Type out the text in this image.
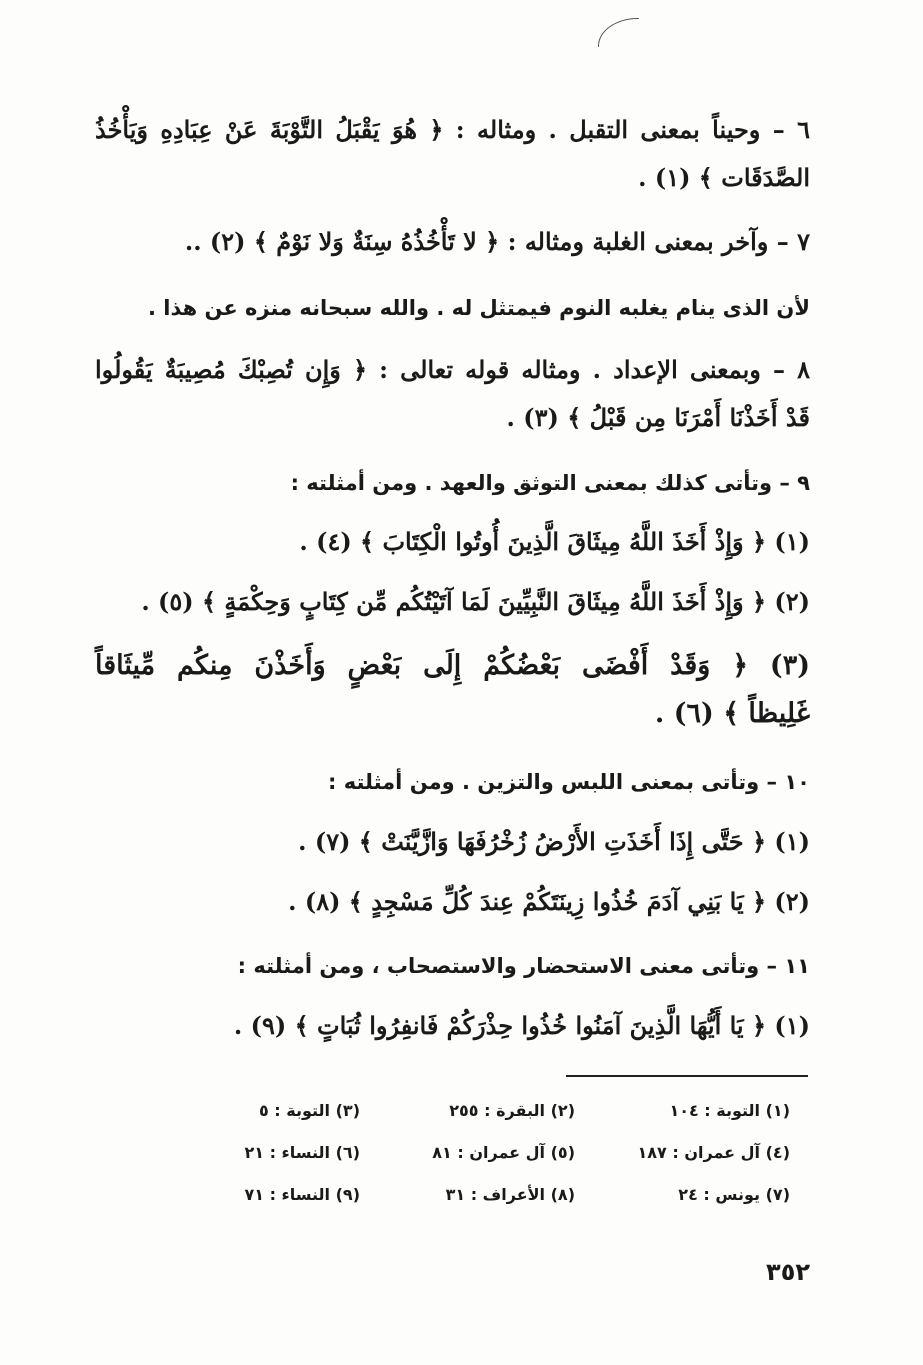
٦ – وحيناً بمعنى التقبل . ومثاله : ﴿ هُوَ يَقْبَلُ التَّوْبَةَ عَنْ عِبَادِهِ وَيَأْخُذُ
الصَّدَقَات ﴾ (١) .
٧ – وآخر بمعنى الغلبة ومثاله : ﴿ لا تَأْخُذُهُ سِنَةٌ وَلا نَوْمٌ ﴾ (٢) ..
لأن الذى ينام يغلبه النوم فيمتثل له . والله سبحانه منزه عن هذا .
٨ – وبمعنى الإعداد . ومثاله قوله تعالى : ﴿ وَإِن تُصِبْكَ مُصِيبَةٌ يَقُولُوا
قَدْ أَخَذْنَا أَمْرَنَا مِن قَبْلُ ﴾ (٣) .
٩ – وتأتى كذلك بمعنى التوثق والعهد . ومن أمثلته :
(١) ﴿ وَإِذْ أَخَذَ اللَّهُ مِيثَاقَ الَّذِينَ أُوتُوا الْكِتَابَ ﴾ (٤) .
(٢) ﴿ وَإِذْ أَخَذَ اللَّهُ مِيثَاقَ النَّبِيِّينَ لَمَا آتَيْتُكُم مِّن كِتَابٍ وَحِكْمَةٍ ﴾ (٥) .
(٣) ﴿ وَقَدْ أَفْضَى بَعْضُكُمْ إِلَى بَعْضٍ وَأَخَذْنَ مِنكُم مِّيثَاقاً
غَلِيظاً ﴾ (٦) .
١٠ – وتأتى بمعنى اللبس والتزين . ومن أمثلته :
(١) ﴿ حَتَّى إِذَا أَخَذَتِ الأَرْضُ زُخْرُفَهَا وَازَّيَّنَتْ ﴾ (٧) .
(٢) ﴿ يَا بَنِي آدَمَ خُذُوا زِينَتَكُمْ عِندَ كُلِّ مَسْجِدٍ ﴾ (٨) .
١١ – وتأتى معنى الاستحضار والاستصحاب ، ومن أمثلته :
(١) ﴿ يَا أَيُّهَا الَّذِينَ آمَنُوا خُذُوا حِذْرَكُمْ فَانفِرُوا ثُبَاتٍ ﴾ (٩) .
(١) التوبة : ١٠٤
(٢) البقرة : ٢٥٥
(٣) التوبة : ٥
(٤) آل عمران : ١٨٧
(٥) آل عمران : ٨١
(٦) النساء : ٢١
(٧) يونس : ٢٤
(٨) الأعراف : ٣١
(٩) النساء : ٧١
٣٥٢
